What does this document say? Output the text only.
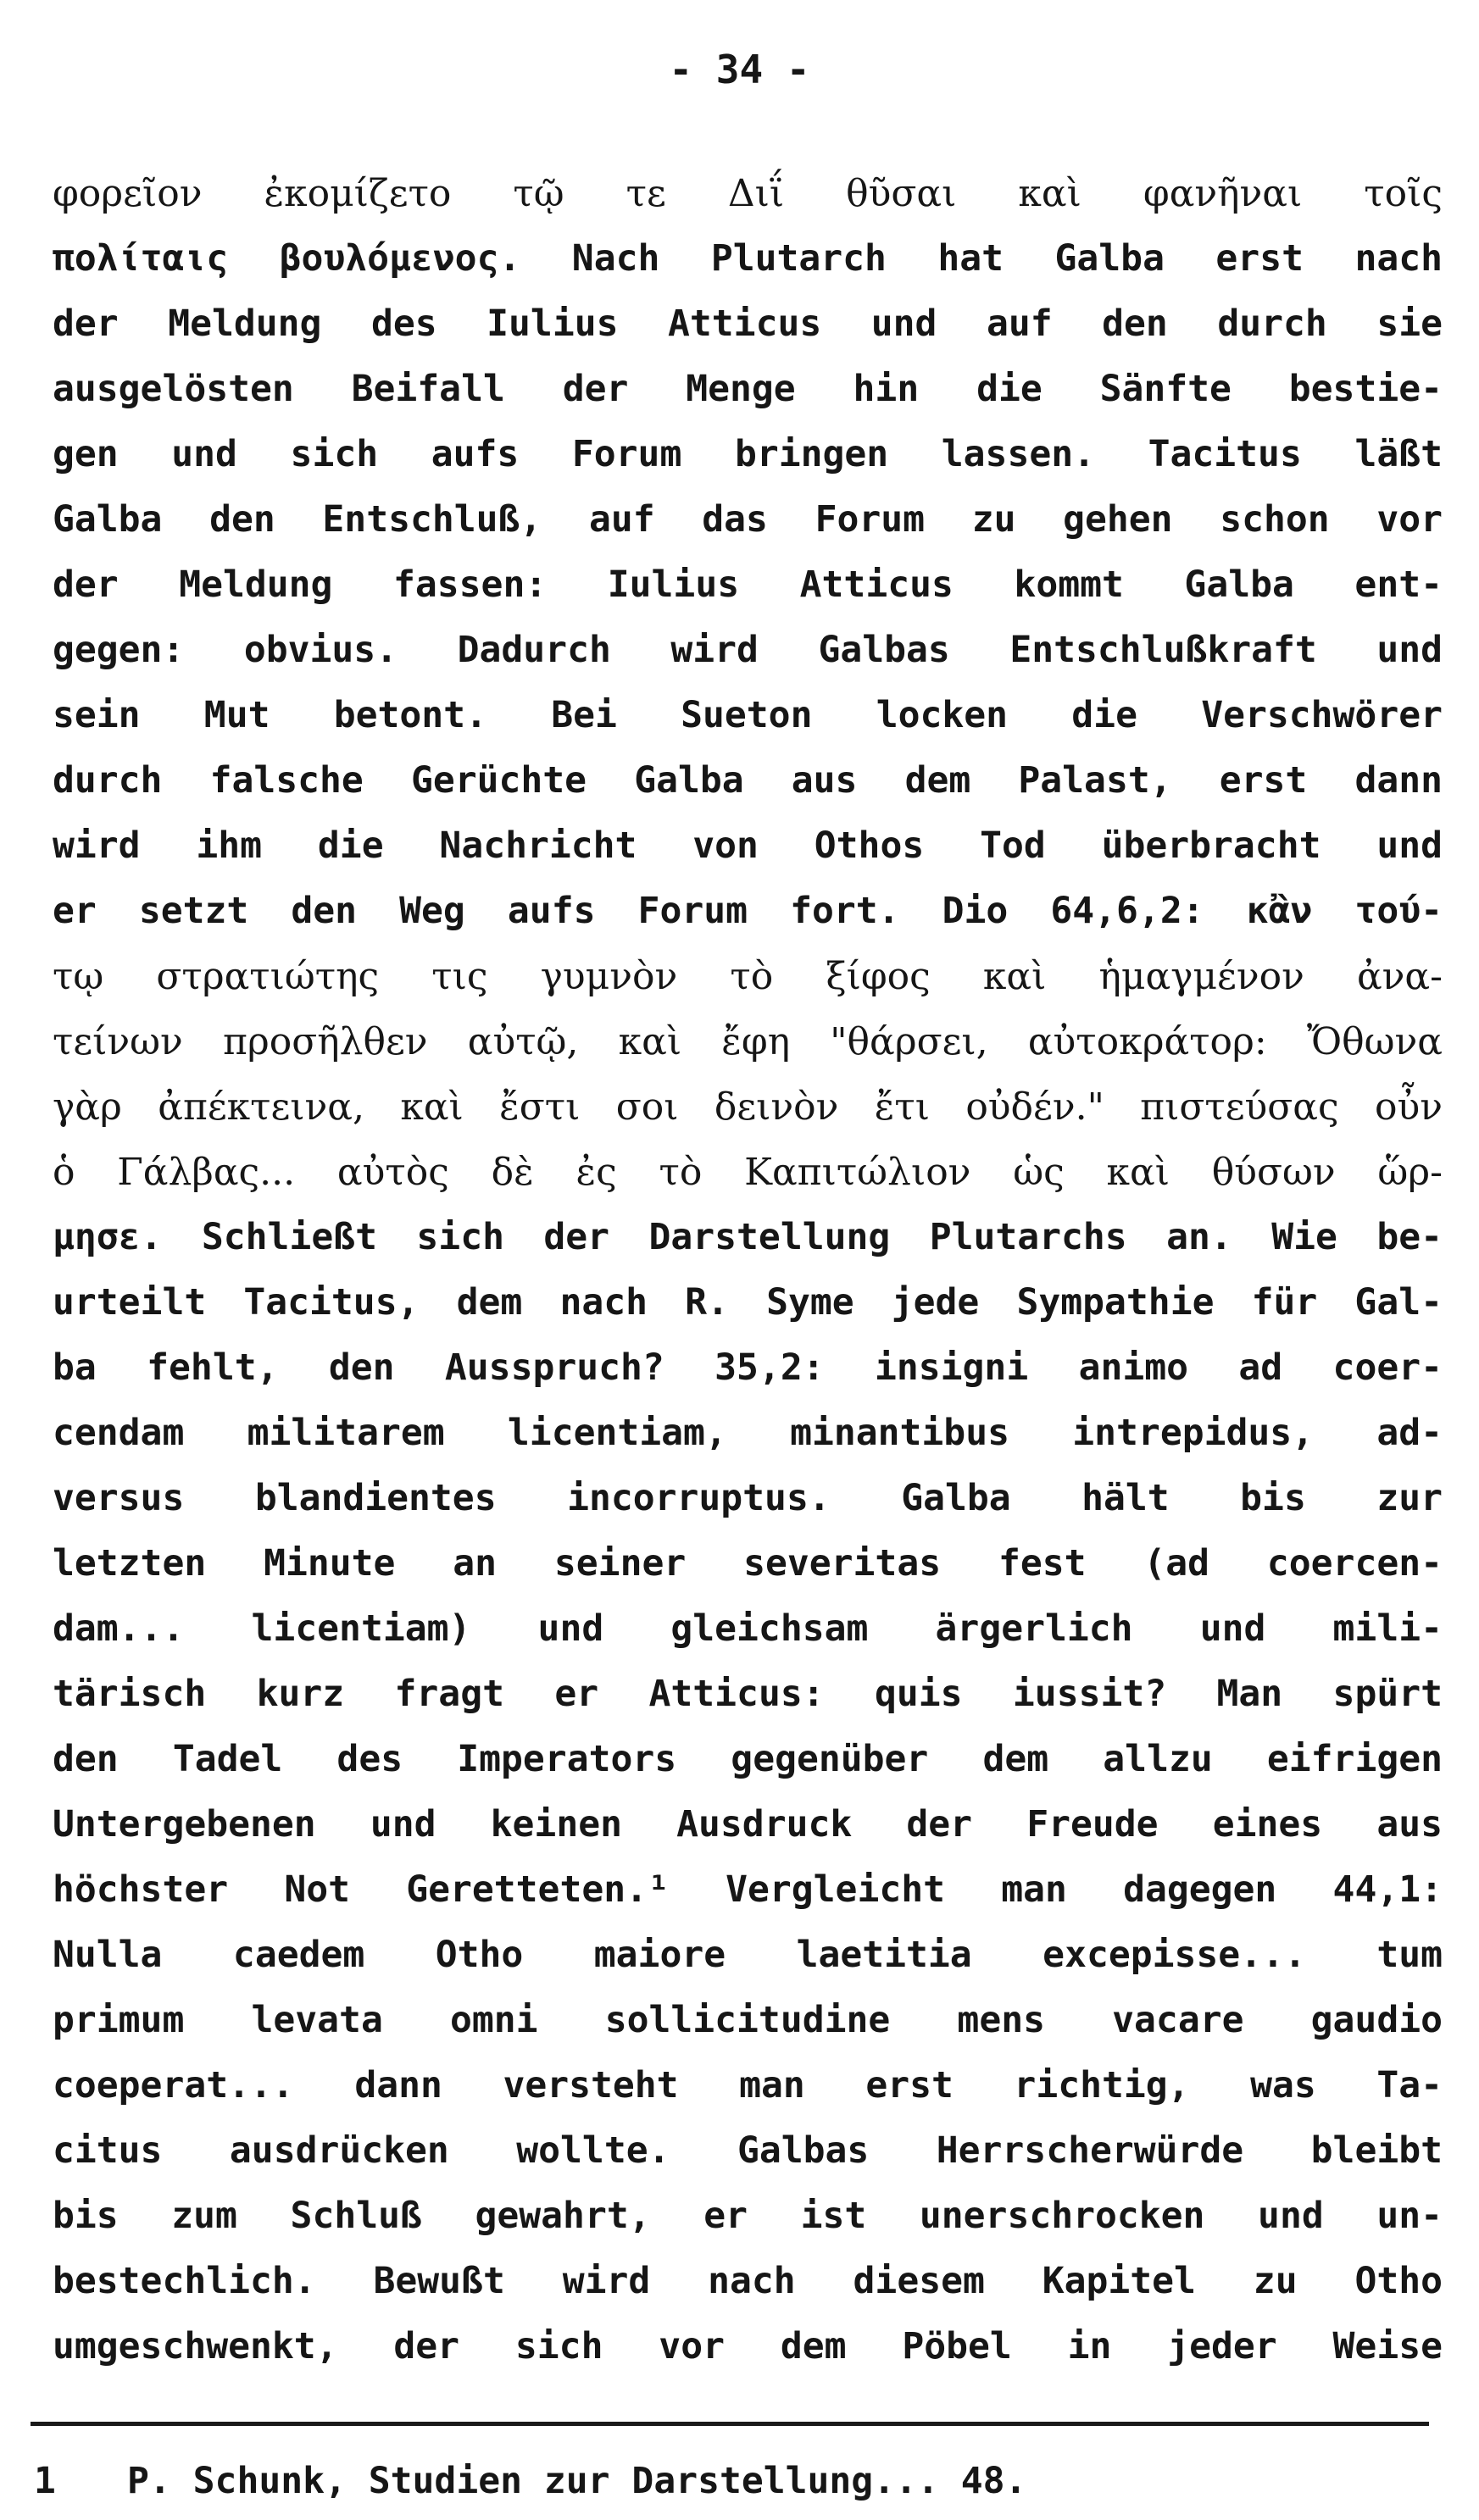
- 34 -
φορεῖον ἐκομίζετο τῷ τε Διΐ θῦσαι καὶ φανῆναι τοῖς
πολίταις βουλόμενος. Nach Plutarch hat Galba erst nach
der Meldung des Iulius Atticus und auf den durch sie
ausgelösten Beifall der Menge hin die Sänfte bestie-
gen und sich aufs Forum bringen lassen. Tacitus läßt
Galba den Entschluß, auf das Forum zu gehen schon vor
der Meldung fassen: Iulius Atticus kommt Galba ent-
gegen: obvius. Dadurch wird Galbas Entschlußkraft und
sein Mut betont. Bei Sueton locken die Verschwörer
durch falsche Gerüchte Galba aus dem Palast, erst dann
wird ihm die Nachricht von Othos Tod überbracht und
er setzt den Weg aufs Forum fort. Dio 64,6,2: κἂν τού-
τῳ στρατιώτης τις γυμνὸν τὸ ξίφος καὶ ἡμαγμένον ἀνα-
τείνων προσῆλθεν αὐτῷ, καὶ ἔφη "θάρσει, αὐτοκράτορ: Ὄθωνα
γὰρ ἀπέκτεινα, καὶ ἔστι σοι δεινὸν ἔτι οὐδέν." πιστεύσας οὖν
ὁ Γάλβας... αὐτὸς δὲ ἐς τὸ Καπιτώλιον ὡς καὶ θύσων ὥρ-
μησε. Schließt sich der Darstellung Plutarchs an. Wie be-
urteilt Tacitus, dem nach R. Syme jede Sympathie für Gal-
ba fehlt, den Ausspruch? 35,2: insigni animo ad coer-
cendam militarem licentiam, minantibus intrepidus, ad-
versus blandientes incorruptus. Galba hält bis zur
letzten Minute an seiner severitas fest (ad coercen-
dam... licentiam) und gleichsam ärgerlich und mili-
tärisch kurz fragt er Atticus: quis iussit? Man spürt
den Tadel des Imperators gegenüber dem allzu eifrigen
Untergebenen und keinen Ausdruck der Freude eines aus
höchster Not Geretteten.¹ Vergleicht man dagegen 44,1:
Nulla caedem Otho maiore laetitia excepisse... tum
primum levata omni sollicitudine mens vacare gaudio
coeperat... dann versteht man erst richtig, was Ta-
citus ausdrücken wollte. Galbas Herrscherwürde bleibt
bis zum Schluß gewahrt, er ist unerschrocken und un-
bestechlich. Bewußt wird nach diesem Kapitel zu Otho
umgeschwenkt, der sich vor dem Pöbel in jeder Weise
1 P. Schunk, Studien zur Darstellung... 48.
